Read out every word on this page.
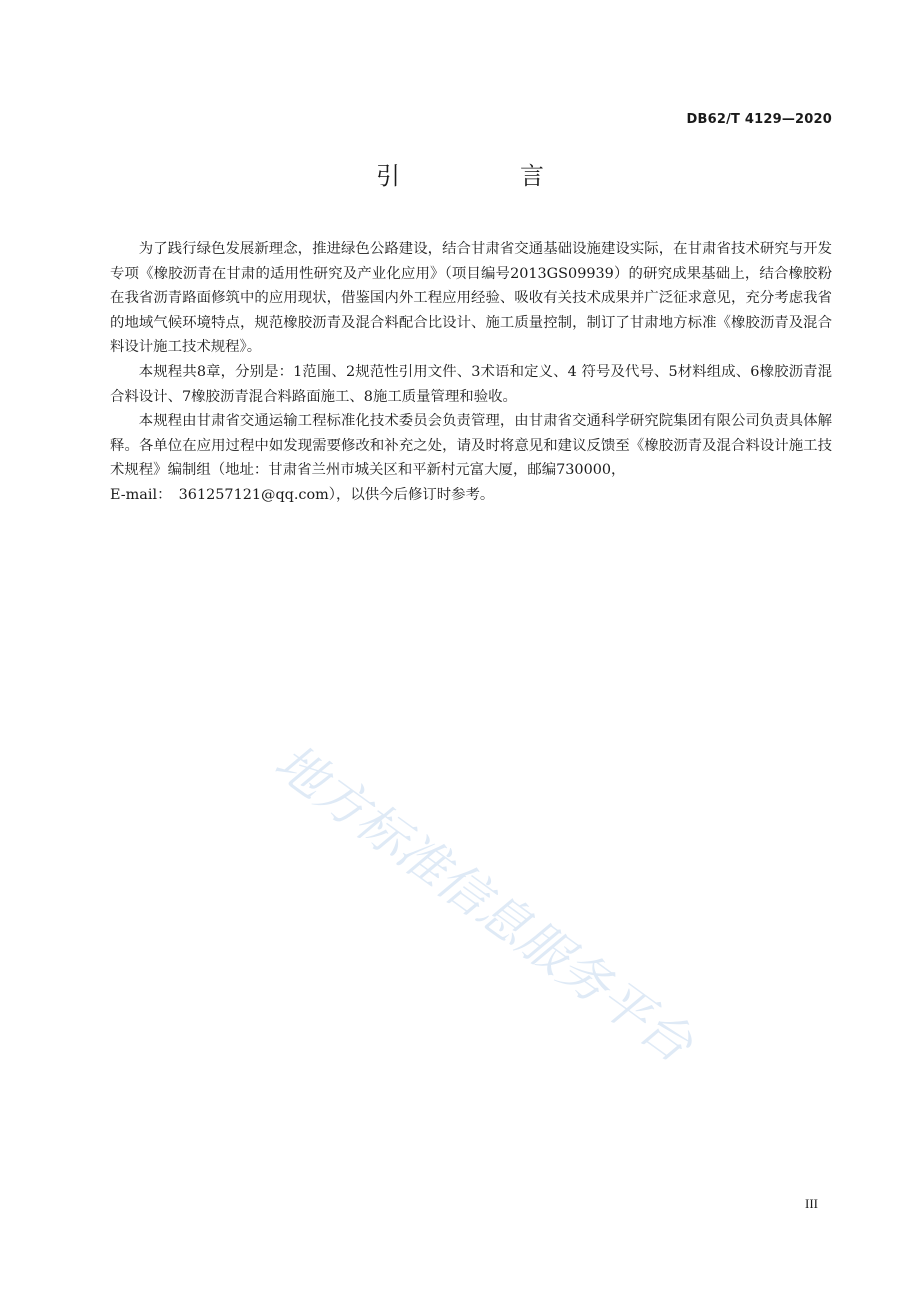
DB62/T 4129—2020
引　言

为了践行绿色发展新理念，推进绿色公路建设，结合甘肃省交通基础设施建设实际，在甘肃省技术研究与开发专项《橡胶沥青在甘肃的适用性研究及产业化应用》（项目编号2013GS09939）的研究成果基础上，结合橡胶粉在我省沥青路面修筑中的应用现状，借鉴国内外工程应用经验、吸收有关技术成果并广泛征求意见，充分考虑我省的地域气候环境特点，规范橡胶沥青及混合料配合比设计、施工质量控制，制订了甘肃地方标准《橡胶沥青及混合料设计施工技术规程》。

本规程共8章，分别是：1范围、2规范性引用文件、3术语和定义、4 符号及代号、5材料组成、6橡胶沥青混合料设计、7橡胶沥青混合料路面施工、8施工质量管理和验收。

本规程由甘肃省交通运输工程标准化技术委员会负责管理，由甘肃省交通科学研究院集团有限公司负责具体解释。各单位在应用过程中如发现需要修改和补充之处，请及时将意见和建议反馈至《橡胶沥青及混合料设计施工技术规程》编制组（地址：甘肃省兰州市城关区和平新村元富大厦，邮编730000，

E-mail：　361257121@qq.com），以供今后修订时参考。

地方标准信息服务平台
III
